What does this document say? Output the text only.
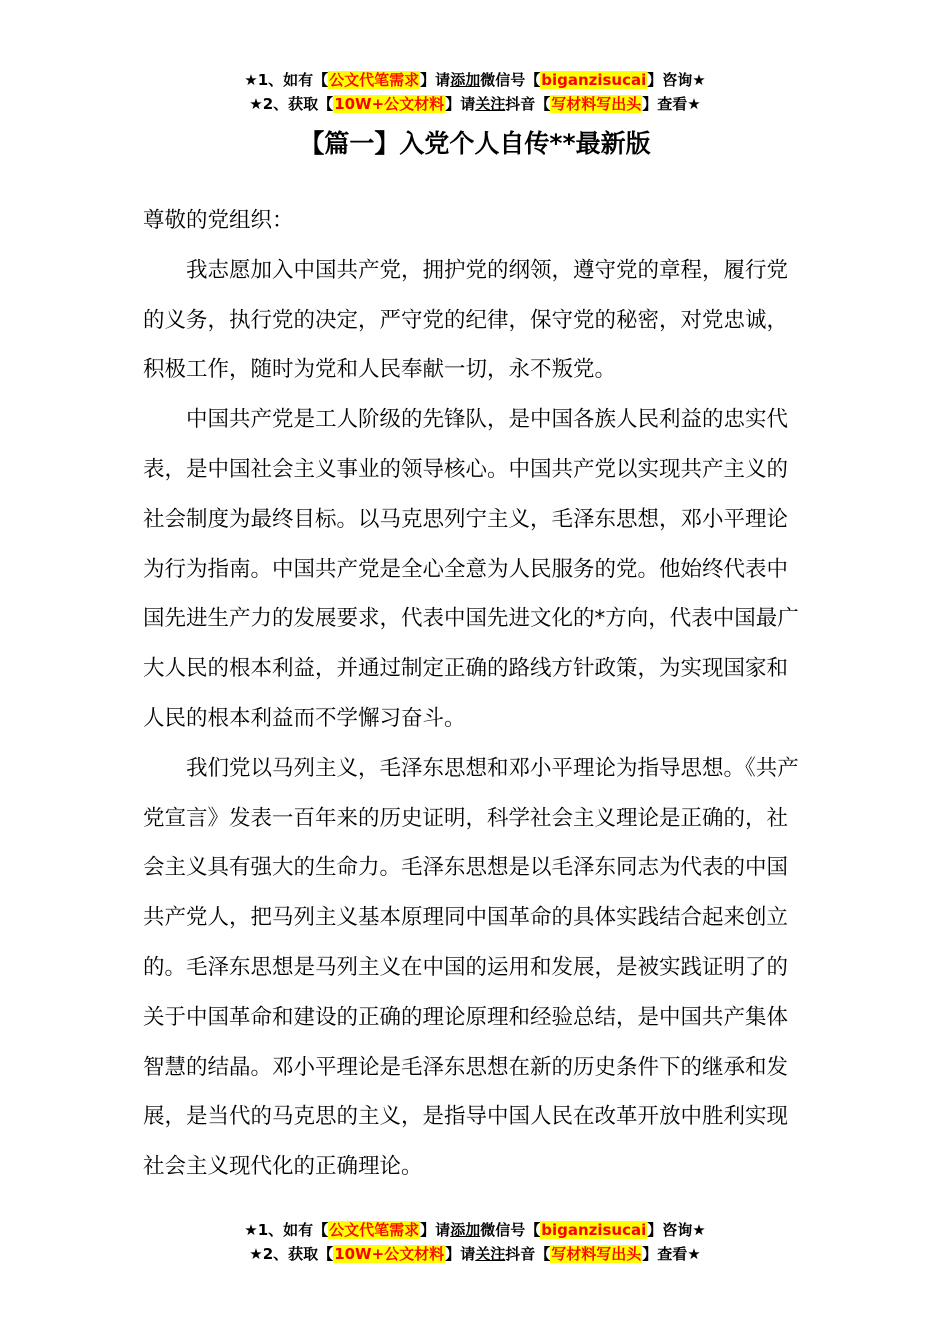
★1、如有【公文代笔需求】请添加微信号【biganzisucai】咨询★
★2、获取【10W+公文材料】请关注抖音【写材料写出头】查看★
【篇一】入党个人自传**最新版

尊敬的党组织：

我志愿加入中国共产党，拥护党的纲领，遵守党的章程，履行党的义务，执行党的决定，严守党的纪律，保守党的秘密，对党忠诚，积极工作，随时为党和人民奉献一切，永不叛党。

中国共产党是工人阶级的先锋队，是中国各族人民利益的忠实代表，是中国社会主义事业的领导核心。中国共产党以实现共产主义的社会制度为最终目标。以马克思列宁主义，毛泽东思想，邓小平理论为行为指南。中国共产党是全心全意为人民服务的党。他始终代表中国先进生产力的发展要求，代表中国先进文化的*方向，代表中国最广大人民的根本利益，并通过制定正确的路线方针政策，为实现国家和人民的根本利益而不学懈习奋斗。

我们党以马列主义，毛泽东思想和邓小平理论为指导思想。《共产党宣言》发表一百年来的历史证明，科学社会主义理论是正确的，社会主义具有强大的生命力。毛泽东思想是以毛泽东同志为代表的中国共产党人，把马列主义基本原理同中国革命的具体实践结合起来创立的。毛泽东思想是马列主义在中国的运用和发展，是被实践证明了的关于中国革命和建设的正确的理论原理和经验总结，是中国共产集体智慧的结晶。邓小平理论是毛泽东思想在新的历史条件下的继承和发展，是当代的马克思的主义，是指导中国人民在改革开放中胜利实现社会主义现代化的正确理论。

★1、如有【公文代笔需求】请添加微信号【biganzisucai】咨询★
★2、获取【10W+公文材料】请关注抖音【写材料写出头】查看★
